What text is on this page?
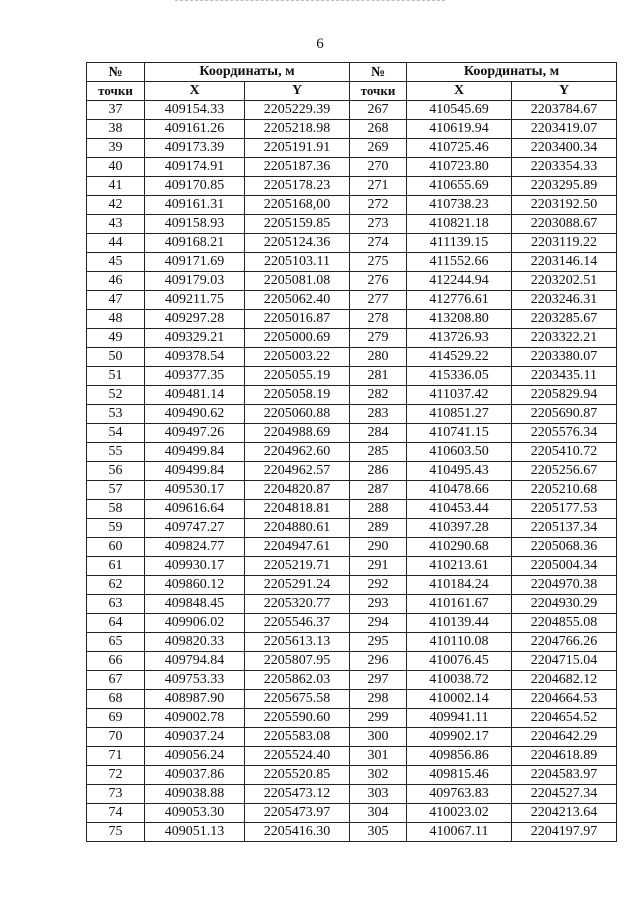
6
№	Координаты, м		№	Координаты, м	
точки	X	Y	точки	X	Y
37	409154.33	2205229.39	267	410545.69	2203784.67
38	409161.26	2205218.98	268	410619.94	2203419.07
39	409173.39	2205191.91	269	410725.46	2203400.34
40	409174.91	2205187.36	270	410723.80	2203354.33
41	409170.85	2205178.23	271	410655.69	2203295.89
42	409161.31	2205168,00	272	410738.23	2203192.50
43	409158.93	2205159.85	273	410821.18	2203088.67
44	409168.21	2205124.36	274	411139.15	2203119.22
45	409171.69	2205103.11	275	411552.66	2203146.14
46	409179.03	2205081.08	276	412244.94	2203202.51
47	409211.75	2205062.40	277	412776.61	2203246.31
48	409297.28	2205016.87	278	413208.80	2203285.67
49	409329.21	2205000.69	279	413726.93	2203322.21
50	409378.54	2205003.22	280	414529.22	2203380.07
51	409377.35	2205055.19	281	415336.05	2203435.11
52	409481.14	2205058.19	282	411037.42	2205829.94
53	409490.62	2205060.88	283	410851.27	2205690.87
54	409497.26	2204988.69	284	410741.15	2205576.34
55	409499.84	2204962.60	285	410603.50	2205410.72
56	409499.84	2204962.57	286	410495.43	2205256.67
57	409530.17	2204820.87	287	410478.66	2205210.68
58	409616.64	2204818.81	288	410453.44	2205177.53
59	409747.27	2204880.61	289	410397.28	2205137.34
60	409824.77	2204947.61	290	410290.68	2205068.36
61	409930.17	2205219.71	291	410213.61	2205004.34
62	409860.12	2205291.24	292	410184.24	2204970.38
63	409848.45	2205320.77	293	410161.67	2204930.29
64	409906.02	2205546.37	294	410139.44	2204855.08
65	409820.33	2205613.13	295	410110.08	2204766.26
66	409794.84	2205807.95	296	410076.45	2204715.04
67	409753.33	2205862.03	297	410038.72	2204682.12
68	408987.90	2205675.58	298	410002.14	2204664.53
69	409002.78	2205590.60	299	409941.11	2204654.52
70	409037.24	2205583.08	300	409902.17	2204642.29
71	409056.24	2205524.40	301	409856.86	2204618.89
72	409037.86	2205520.85	302	409815.46	2204583.97
73	409038.88	2205473.12	303	409763.83	2204527.34
74	409053.30	2205473.97	304	410023.02	2204213.64
75	409051.13	2205416.30	305	410067.11	2204197.97
